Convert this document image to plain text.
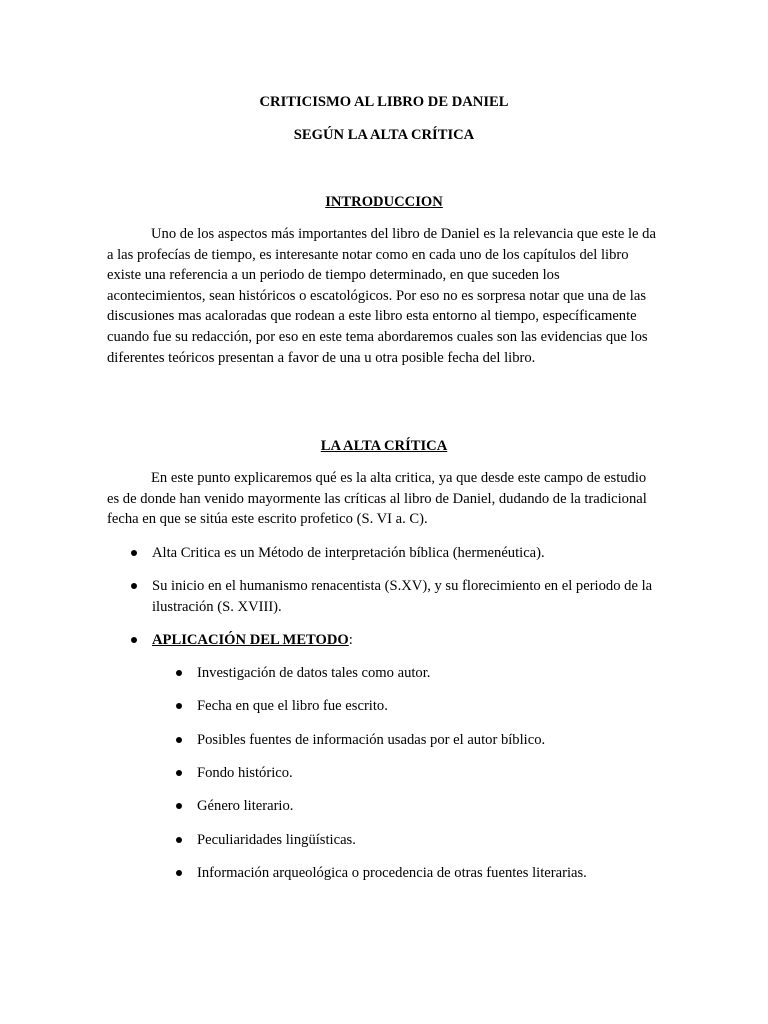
CRITICISMO AL LIBRO DE DANIEL

SEGÚN LA ALTA CRÍTICA

INTRODUCCION

Uno de los aspectos más importantes del libro de Daniel es la relevancia que este le da a las profecías de tiempo, es interesante notar como en cada uno de los capítulos del libro existe una referencia a un periodo de tiempo determinado, en que suceden los acontecimientos, sean históricos o escatológicos. Por eso no es sorpresa notar que una de las discusiones mas acaloradas que rodean a este libro esta entorno al tiempo, específicamente cuando fue su redacción, por eso en este tema abordaremos cuales son las evidencias que los diferentes teóricos presentan a favor de una u otra posible fecha del libro.

LA ALTA CRÍTICA

En este punto explicaremos qué es la alta critica, ya que desde este campo de estudio es de donde han venido mayormente las críticas al libro de Daniel, dudando de la tradicional fecha en que se sitúa este escrito profetico (S. VI a. C).

Alta Critica es un Método de interpretación bíblica (hermenéutica).
Su inicio en el humanismo renacentista (S.XV), y su florecimiento en el periodo de la ilustración (S. XVIII).
APLICACIÓN DEL METODO:
Investigación de datos tales como autor.
Fecha en que el libro fue escrito.
Posibles fuentes de información usadas por el autor bíblico.
Fondo histórico.
Género literario.
Peculiaridades lingüísticas.
Información arqueológica o procedencia de otras fuentes literarias.
